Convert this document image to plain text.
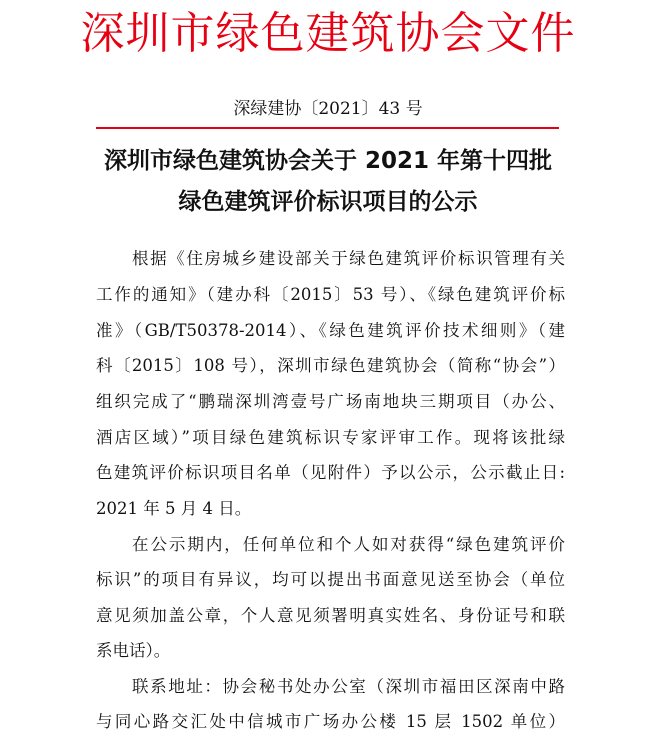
深圳市绿色建筑协会文件
深绿建协〔2021〕43 号
深圳市绿色建筑协会关于 2021 年第十四批
绿色建筑评价标识项目的公示
根据《住房城乡建设部关于绿色建筑评价标识管理有关
工作的通知》（建办科〔2015〕53 号）、《绿色建筑评价标
准》（GB/T50378-2014）、《绿色建筑评价技术细则》（建
科〔2015〕108 号），深圳市绿色建筑协会（简称“协会”）
组织完成了“鹏瑞深圳湾壹号广场南地块三期项目（办公、
酒店区域）”项目绿色建筑标识专家评审工作。现将该批绿
色建筑评价标识项目名单（见附件）予以公示，公示截止日:
2021 年 5 月 4 日。
在公示期内，任何单位和个人如对获得“绿色建筑评价
标识”的项目有异议，均可以提出书面意见送至协会（单位
意见须加盖公章，个人意见须署明真实姓名、身份证号和联
系电话）。
联系地址：协会秘书处办公室（深圳市福田区深南中路
与同心路交汇处中信城市广场办公楼 15 层 1502 单位）
